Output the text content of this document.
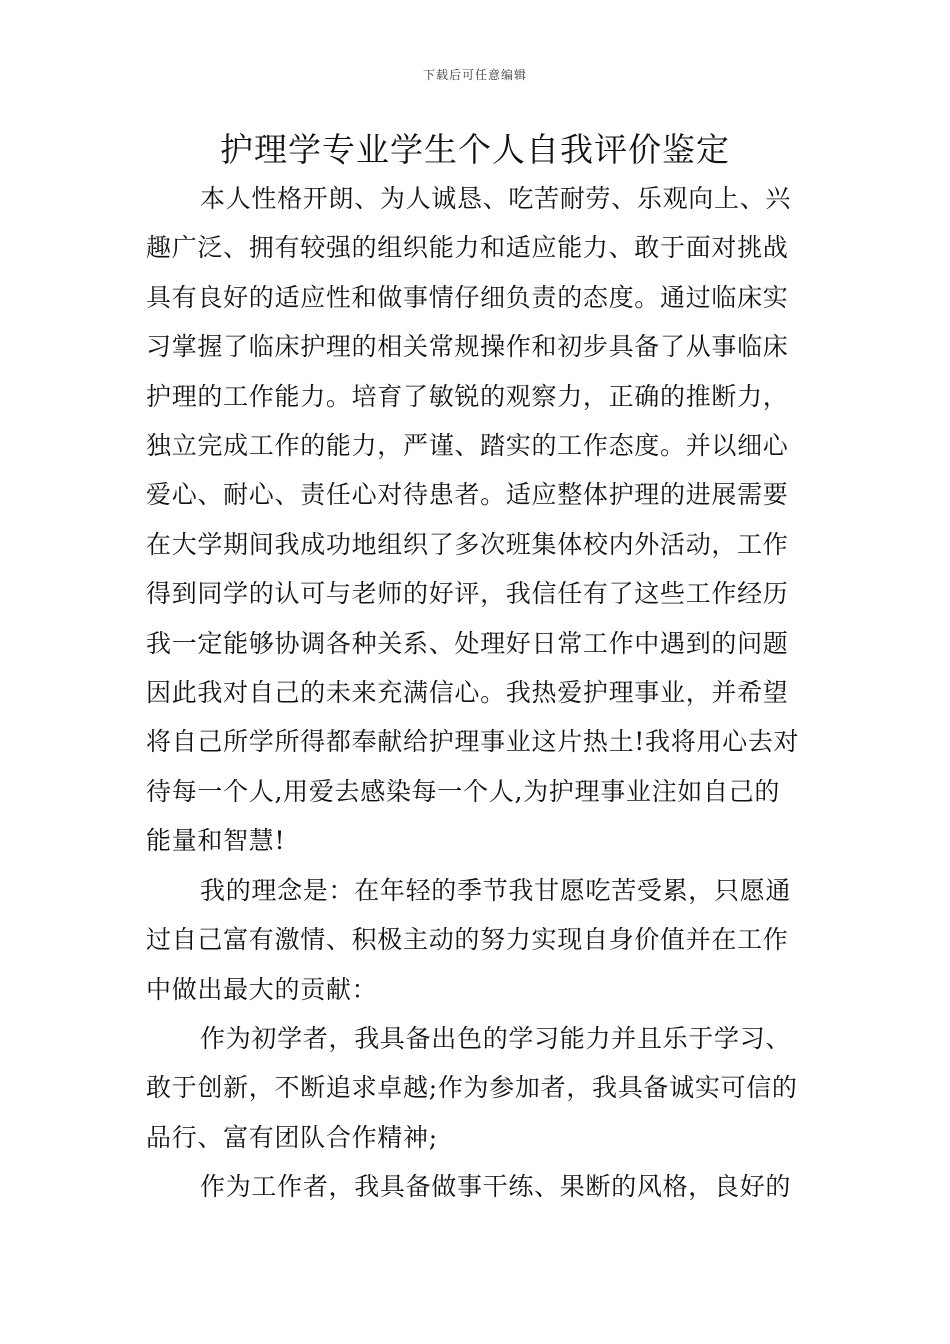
下载后可任意编辑
护理学专业学生个人自我评价鉴定
本人性格开朗、为人诚恳、吃苦耐劳、乐观向上、兴
趣广泛、拥有较强的组织能力和适应能力、敢于面对挑战
具有良好的适应性和做事情仔细负责的态度。通过临床实
习掌握了临床护理的相关常规操作和初步具备了从事临床
护理的工作能力。培育了敏锐的观察力，正确的推断力，
独立完成工作的能力，严谨、踏实的工作态度。并以细心
爱心、耐心、责任心对待患者。适应整体护理的进展需要
在大学期间我成功地组织了多次班集体校内外活动，工作
得到同学的认可与老师的好评，我信任有了这些工作经历
我一定能够协调各种关系、处理好日常工作中遇到的问题
因此我对自己的未来充满信心。我热爱护理事业，并希望
将自己所学所得都奉献给护理事业这片热土!我将用心去对
待每一个人,用爱去感染每一个人,为护理事业注如自己的
能量和智慧!
我的理念是：在年轻的季节我甘愿吃苦受累，只愿通
过自己富有激情、积极主动的努力实现自身价值并在工作
中做出最大的贡献：
作为初学者，我具备出色的学习能力并且乐于学习、
敢于创新，不断追求卓越;作为参加者，我具备诚实可信的
品行、富有团队合作精神;
作为工作者，我具备做事干练、果断的风格，良好的
